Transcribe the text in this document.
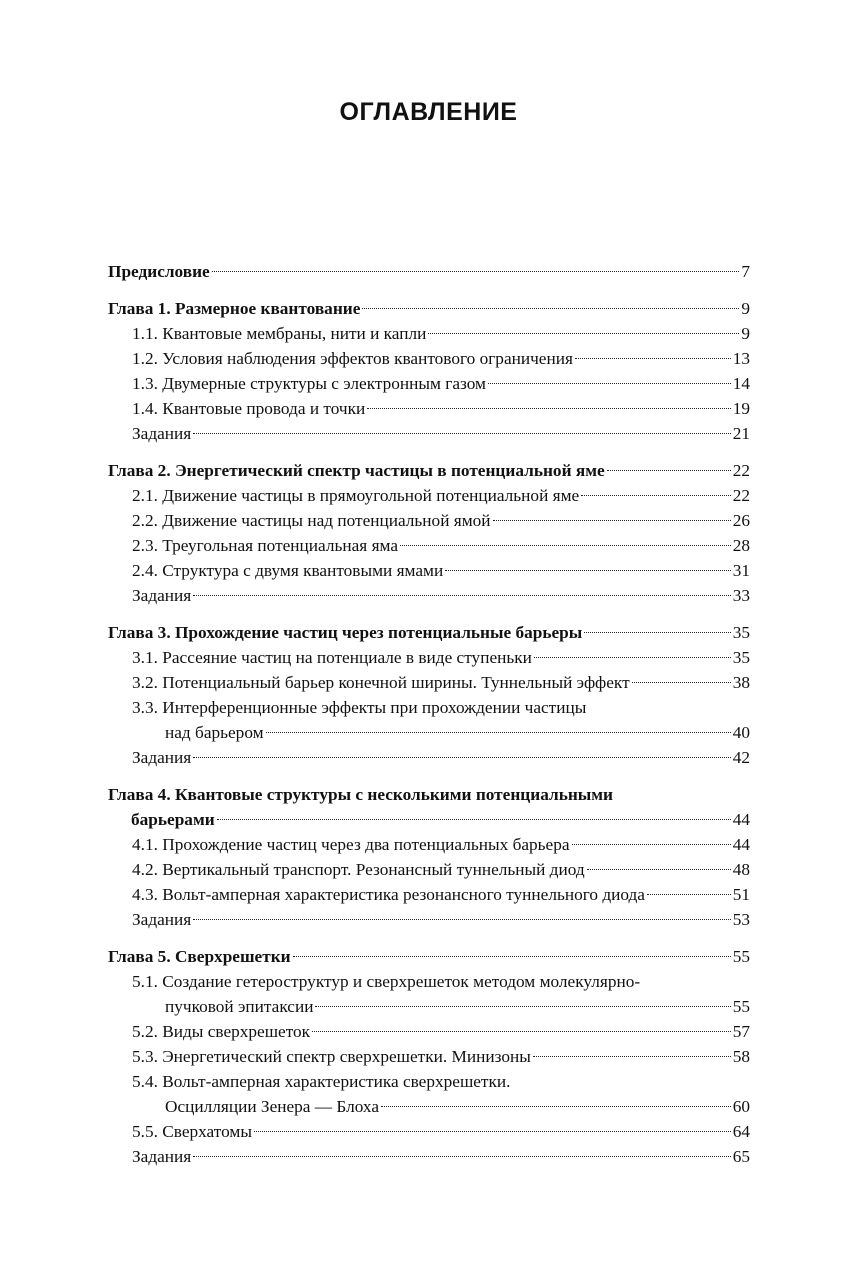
ОГЛАВЛЕНИЕ
Предисловие	7
Глава 1. Размерное квантование	9
1.1. Квантовые мембраны, нити и капли	9
1.2. Условия наблюдения эффектов квантового ограничения	13
1.3. Двумерные структуры с электронным газом	14
1.4. Квантовые провода и точки	19
Задания	21
Глава 2. Энергетический спектр частицы в потенциальной яме	22
2.1. Движение частицы в прямоугольной потенциальной яме	22
2.2. Движение частицы над потенциальной ямой	26
2.3. Треугольная потенциальная яма	28
2.4. Структура с двумя квантовыми ямами	31
Задания	33
Глава 3. Прохождение частиц через потенциальные барьеры	35
3.1. Рассеяние частиц на потенциале в виде ступеньки	35
3.2. Потенциальный барьер конечной ширины. Туннельный эффект	38
3.3. Интерференционные эффекты при прохождении частицы
над барьером	40
Задания	42
Глава 4. Квантовые структуры с несколькими потенциальными
барьерами	44
4.1. Прохождение частиц через два потенциальных барьера	44
4.2. Вертикальный транспорт. Резонансный туннельный диод	48
4.3. Вольт-амперная характеристика резонансного туннельного диода	51
Задания	53
Глава 5. Сверхрешетки	55
5.1. Создание гетероструктур и сверхрешеток методом молекулярно-
пучковой эпитаксии	55
5.2. Виды сверхрешеток	57
5.3. Энергетический спектр сверхрешетки. Минизоны	58
5.4. Вольт-амперная характеристика сверхрешетки.
Осцилляции Зенера — Блоха	60
5.5. Сверхатомы	64
Задания	65
